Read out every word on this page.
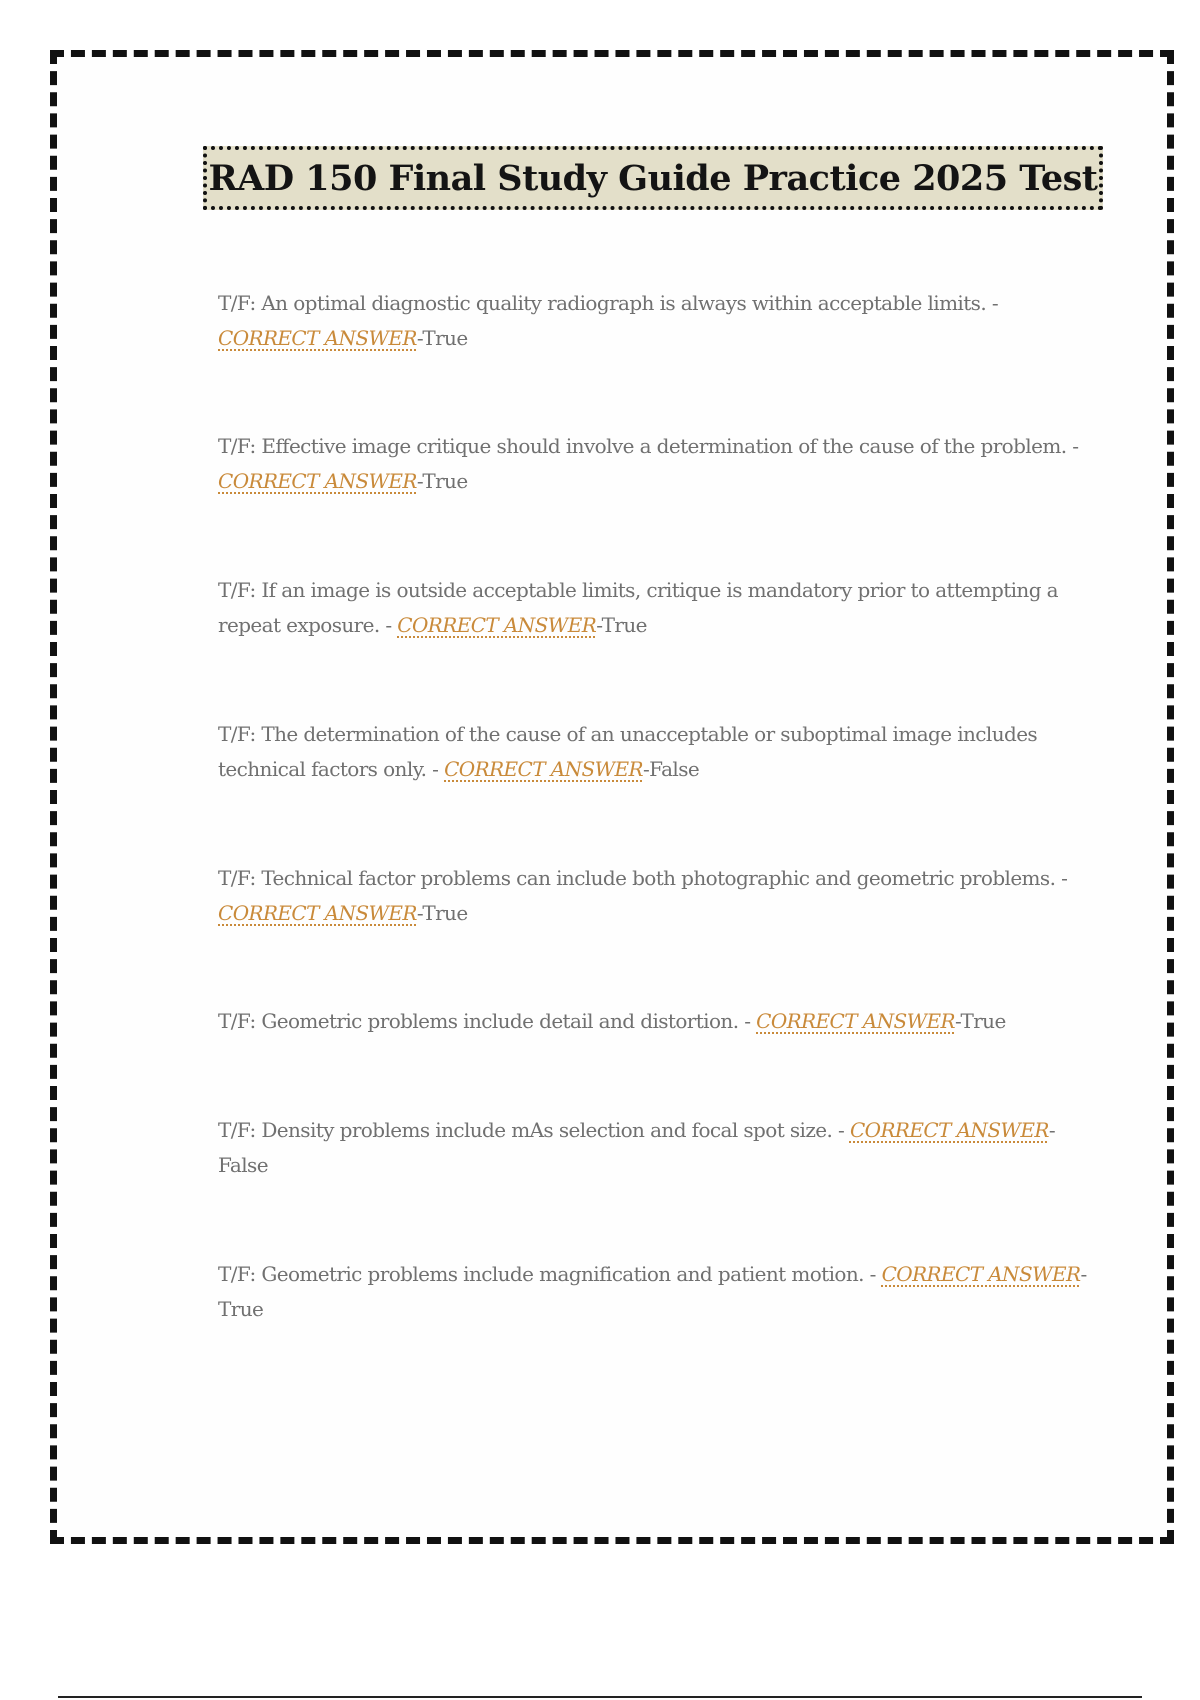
RAD 150 Final Study Guide Practice 2025 Test
T/F: An optimal diagnostic quality radiograph is always within acceptable limits. - CORRECT ANSWER-True
T/F: Effective image critique should involve a determination of the cause of the problem. - CORRECT ANSWER-True
T/F: If an image is outside acceptable limits, critique is mandatory prior to attempting a repeat exposure. - CORRECT ANSWER-True
T/F: The determination of the cause of an unacceptable or suboptimal image includes technical factors only. - CORRECT ANSWER-False
T/F: Technical factor problems can include both photographic and geometric problems. - CORRECT ANSWER-True
T/F: Geometric problems include detail and distortion. - CORRECT ANSWER-True
T/F: Density problems include mAs selection and focal spot size. - CORRECT ANSWER-False
T/F: Geometric problems include magnification and patient motion. - CORRECT ANSWER-True
